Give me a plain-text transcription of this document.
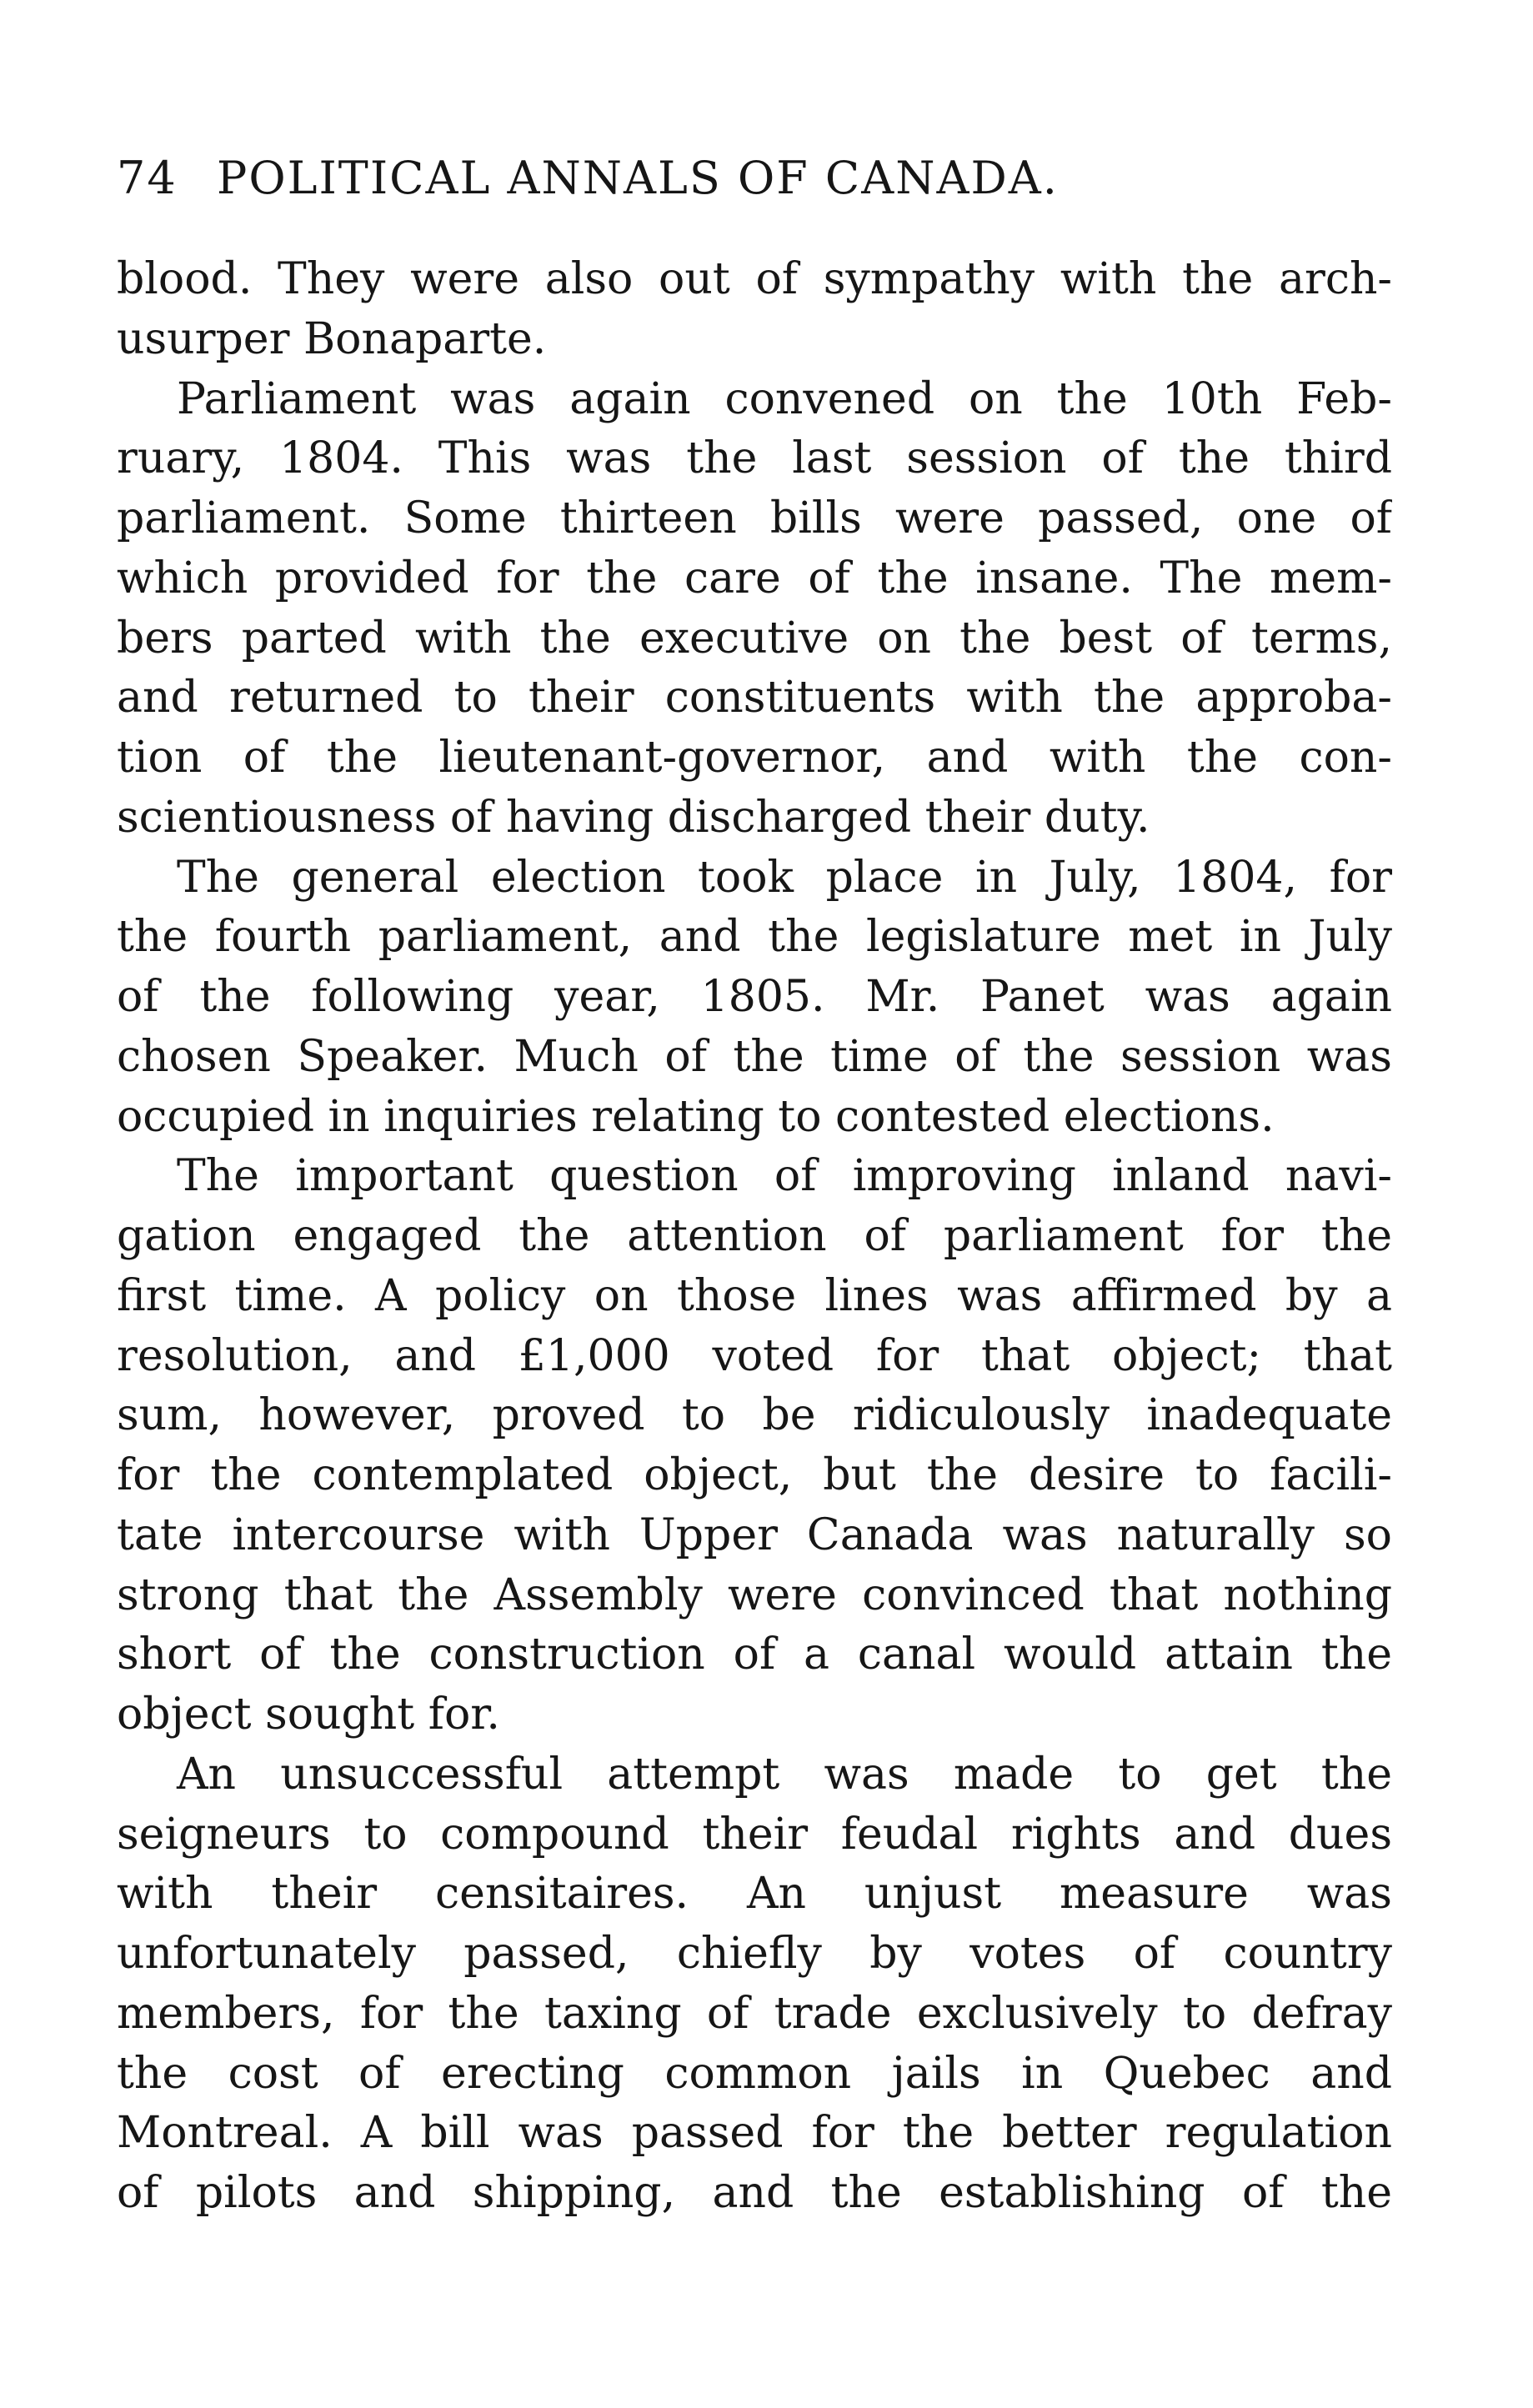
74 POLITICAL ANNALS OF CANADA.
blood. They were also out of sympathy with the arch-
usurper Bonaparte.
Parliament was again convened on the 10th Feb-
ruary, 1804. This was the last session of the third
parliament. Some thirteen bills were passed, one of
which provided for the care of the insane. The mem-
bers parted with the executive on the best of terms,
and returned to their constituents with the approba-
tion of the lieutenant-governor, and with the con-
scientiousness of having discharged their duty.
The general election took place in July, 1804, for
the fourth parliament, and the legislature met in July
of the following year, 1805. Mr. Panet was again
chosen Speaker. Much of the time of the session was
occupied in inquiries relating to contested elections.
The important question of improving inland navi-
gation engaged the attention of parliament for the
first time. A policy on those lines was affirmed by a
resolution, and £1,000 voted for that object; that
sum, however, proved to be ridiculously inadequate
for the contemplated object, but the desire to facili-
tate intercourse with Upper Canada was naturally so
strong that the Assembly were convinced that nothing
short of the construction of a canal would attain the
object sought for.
An unsuccessful attempt was made to get the
seigneurs to compound their feudal rights and dues
with their censitaires. An unjust measure was
unfortunately passed, chiefly by votes of country
members, for the taxing of trade exclusively to defray
the cost of erecting common jails in Quebec and
Montreal. A bill was passed for the better regulation
of pilots and shipping, and the establishing of the
